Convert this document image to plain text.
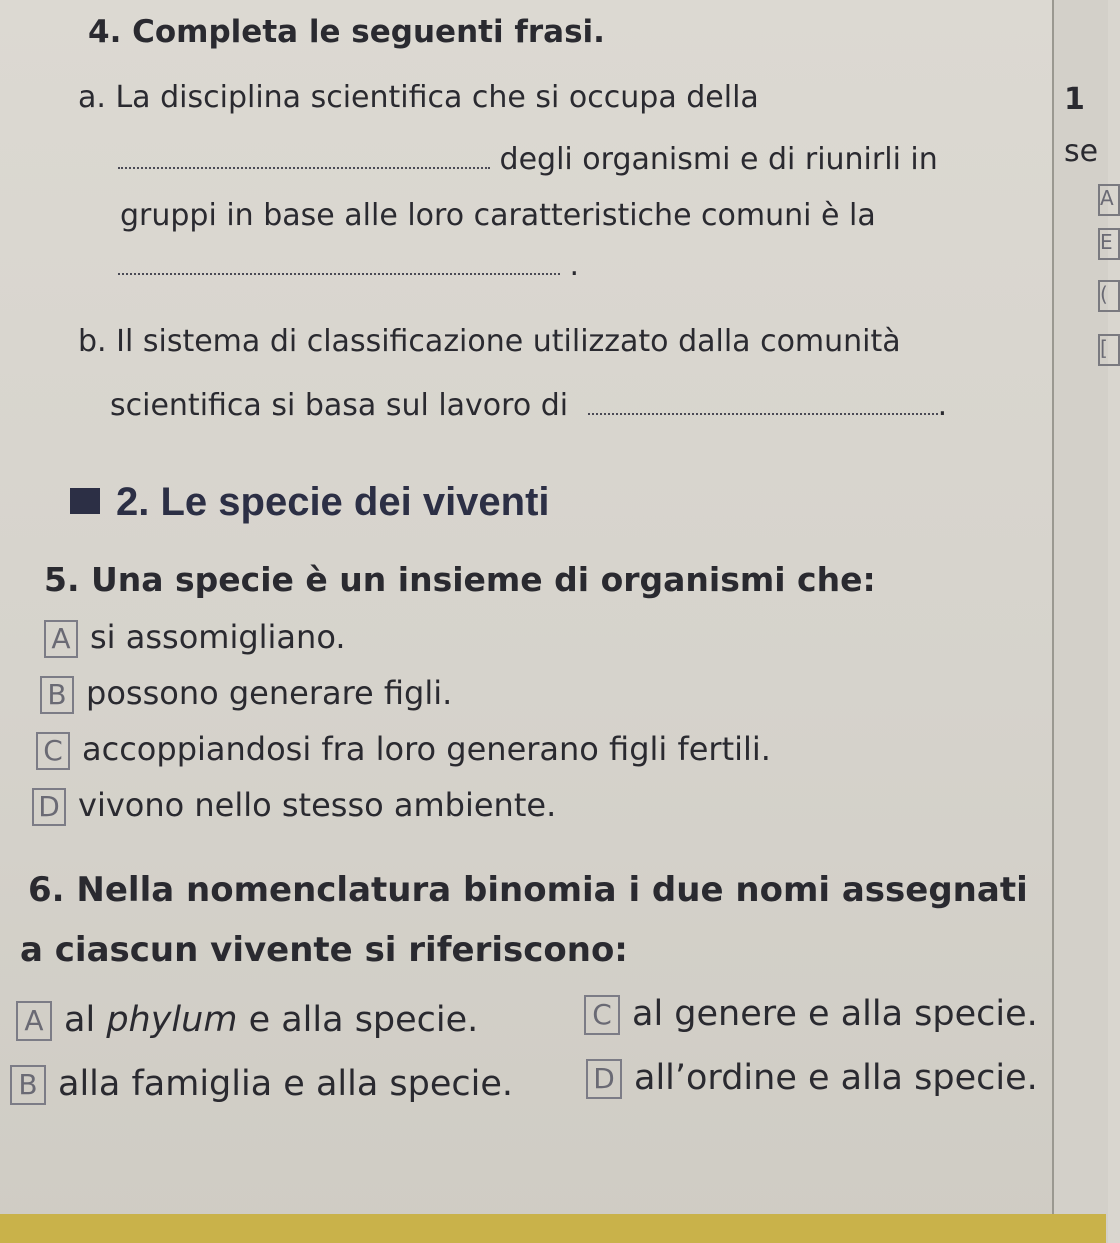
4. Completa le seguenti frasi.
a. La disciplina scientifica che si occupa della
degli organismi e di riunirli in
gruppi in base alle loro caratteristiche comuni è la
.
b. Il sistema di classificazione utilizzato dalla comunità
scientifica si basa sul lavoro di	.
2. Le specie dei viventi
5. Una specie è un insieme di organismi che:
A si assomigliano.
B possono generare figli.
C accoppiandosi fra loro generano figli fertili.
D vivono nello stesso ambiente.
6. Nella nomenclatura binomia i due nomi assegnati
a ciascun vivente si riferiscono:
A al phylum e alla specie.
B alla famiglia e alla specie.
C al genere e alla specie.
D all’ordine e alla specie.
1
se
A
E
(
[
